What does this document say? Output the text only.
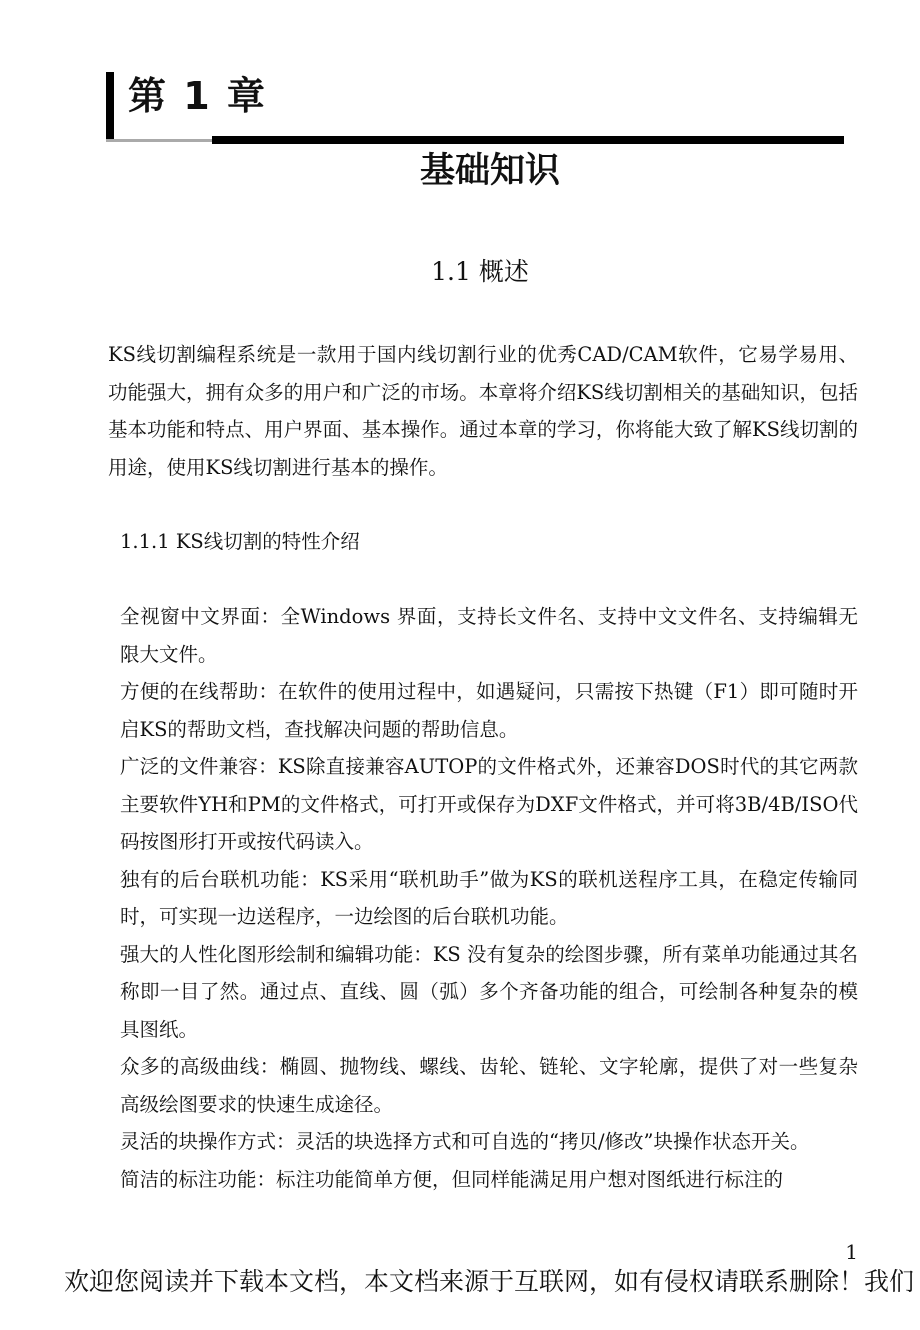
第 1 章
基础知识
1.1 概述

KS线切割编程系统是一款用于国内线切割行业的优秀CAD/CAM软件，它易学易用、功能强大，拥有众多的用户和广泛的市场。本章将介绍KS线切割相关的基础知识，包括基本功能和特点、用户界面、基本操作。通过本章的学习，你将能大致了解KS线切割的用途，使用KS线切割进行基本的操作。

1.1.1 KS线切割的特性介绍
全视窗中文界面：全Windows 界面，支持长文件名、支持中文文件名、支持编辑无限大文件。
方便的在线帮助：在软件的使用过程中，如遇疑问，只需按下热键（F1）即可随时开启KS的帮助文档，查找解决问题的帮助信息。
广泛的文件兼容：KS除直接兼容AUTOP的文件格式外，还兼容DOS时代的其它两款主要软件YH和PM的文件格式，可打开或保存为DXF文件格式，并可将3B/4B/ISO代码按图形打开或按代码读入。
独有的后台联机功能：KS采用“联机助手”做为KS的联机送程序工具，在稳定传输同时，可实现一边送程序，一边绘图的后台联机功能。
强大的人性化图形绘制和编辑功能：KS 没有复杂的绘图步骤，所有菜单功能通过其名称即一目了然。通过点、直线、圆（弧）多个齐备功能的组合，可绘制各种复杂的模具图纸。
众多的高级曲线：椭圆、抛物线、螺线、齿轮、链轮、文字轮廓，提供了对一些复杂高级绘图要求的快速生成途径。
灵活的块操作方式：灵活的块选择方式和可自选的“拷贝/修改”块操作状态开关。
简洁的标注功能：标注功能简单方便，但同样能满足用户想对图纸进行标注的
1
欢迎您阅读并下载本文档，本文档来源于互联网，如有侵权请联系删除！我们
